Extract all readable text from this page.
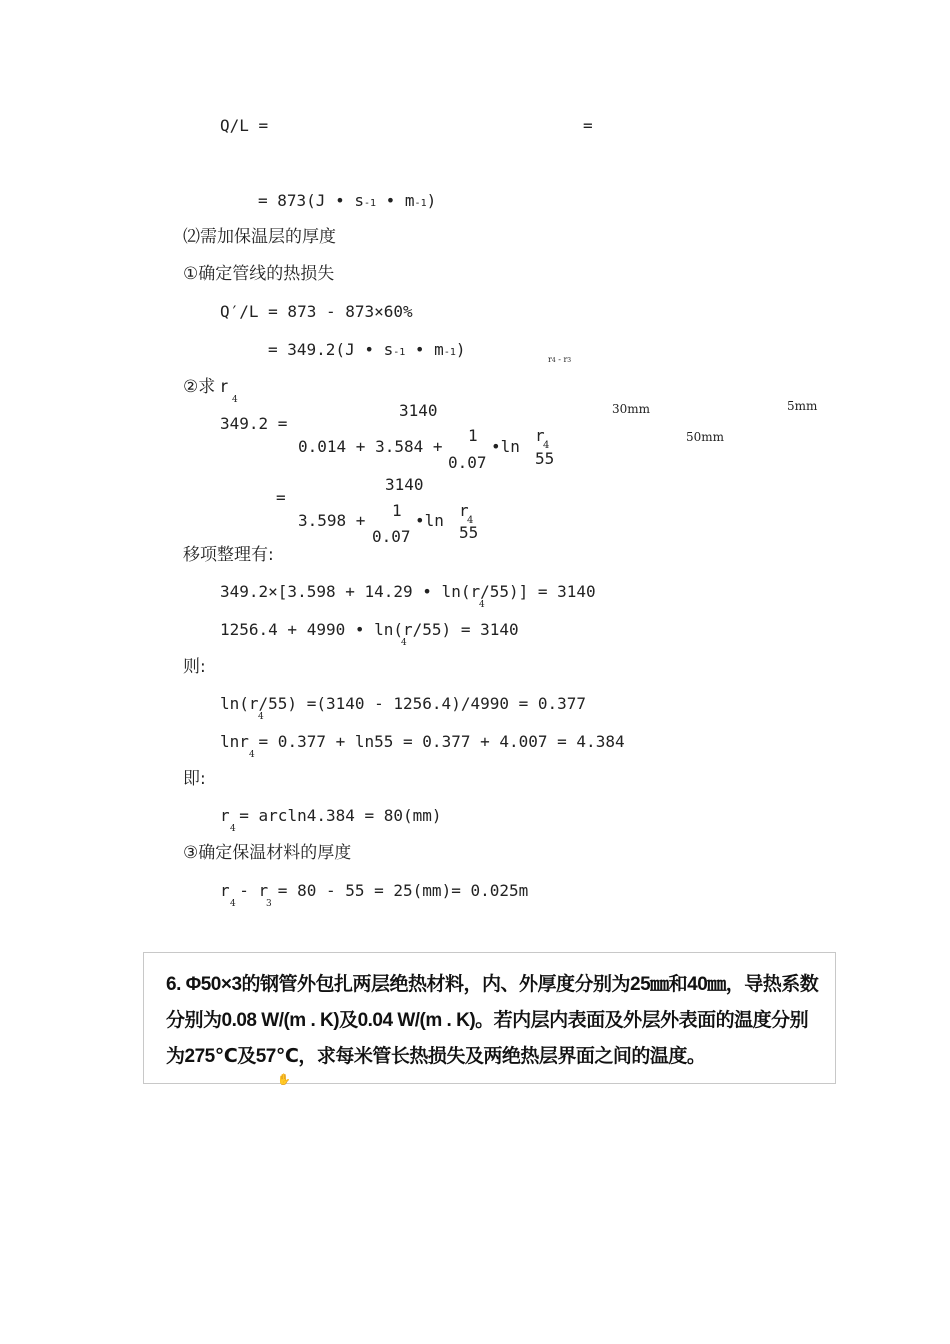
Q/L =	=
= 873(J • s-1 • m-1)
⑵需加保温层的厚度
①确定管线的热损失
Q′/L = 873 - 873×60%
= 349.2(J • s-1 • m-1)
r4 - r3
②求 r
4
3140	30mm	5mm
349.2 =
1	r	50mm
4
0.014 + 3.584 +	•ln
0.07	55
3140
=
1	r
4
3.598 +	•ln
0.07	55
移项整理有:
349.2×[3.598 + 14.29 • ln(r/55)] = 3140
4
1256.4 + 4990 • ln(r/55) = 3140
4
则:
ln(r/55) =(3140 - 1256.4)/4990 = 0.377
4
lnr = 0.377 + ln55 = 0.377 + 4.007 = 4.384
4
即:
r = arcln4.384 = 80(mm)
4
③确定保温材料的厚度
r - r = 80 - 55 = 25(mm)= 0.025m
4	3
6. Φ50×3的钢管外包扎两层绝热材料，内、外厚度分别为25㎜和40㎜，导热系数分别为0.08 W/(m . K)及0.04 W/(m . K)。若内层内表面及外层外表面的温度分别为275℃及57℃，求每米管长热损失及两绝热层界面之间的温度。
✋
